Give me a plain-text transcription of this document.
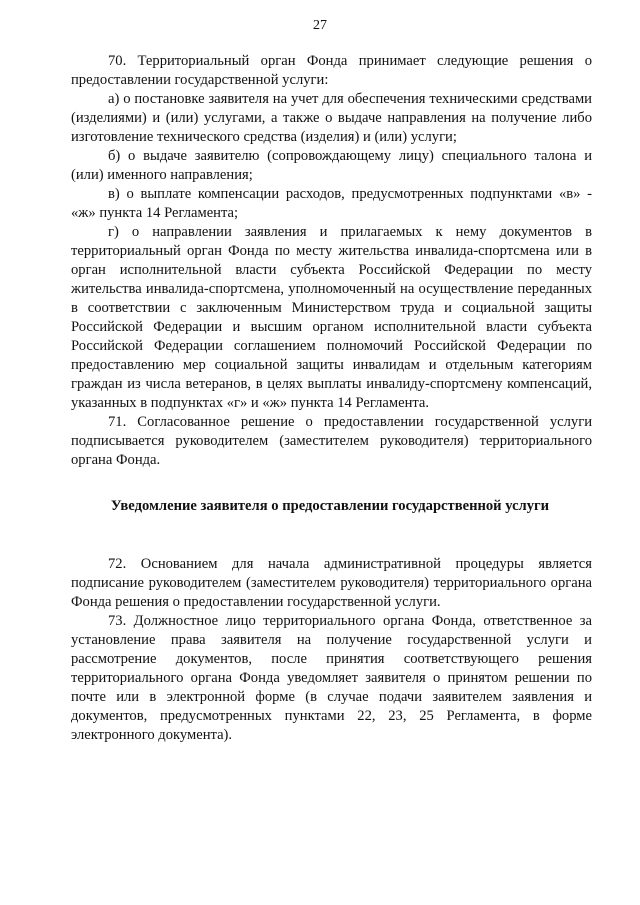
27

70. Территориальный орган Фонда принимает следующие решения о предоставлении государственной услуги:

а) о постановке заявителя на учет для обеспечения техническими средствами (изделиями) и (или) услугами, а также о выдаче направления на получение либо изготовление технического средства (изделия) и (или) услуги;

б) о выдаче заявителю (сопровождающему лицу) специального талона и (или) именного направления;

в) о выплате компенсации расходов, предусмотренных подпунктами «в» - «ж» пункта 14 Регламента;

г) о направлении заявления и прилагаемых к нему документов в территориальный орган Фонда по месту жительства инвалида-спортсмена или в орган исполнительной власти субъекта Российской Федерации по месту жительства инвалида-спортсмена, уполномоченный на осуществление переданных в соответствии с заключенным Министерством труда и социальной защиты Российской Федерации и высшим органом исполнительной власти субъекта Российской Федерации соглашением полномочий Российской Федерации по предоставлению мер социальной защиты инвалидам и отдельным категориям граждан из числа ветеранов, в целях выплаты инвалиду-спортсмену компенсаций, указанных в подпунктах «г» и «ж» пункта 14 Регламента.

71. Согласованное решение о предоставлении государственной услуги подписывается руководителем (заместителем руководителя) территориального органа Фонда.

Уведомление заявителя о предоставлении государственной услуги

72. Основанием для начала административной процедуры является подписание руководителем (заместителем руководителя) территориального органа Фонда решения о предоставлении государственной услуги.

73. Должностное лицо территориального органа Фонда, ответственное за установление права заявителя на получение государственной услуги и рассмотрение документов, после принятия соответствующего решения территориального органа Фонда уведомляет заявителя о принятом решении по почте или в электронной форме (в случае подачи заявителем заявления и документов, предусмотренных пунктами 22, 23, 25 Регламента, в форме электронного документа).
